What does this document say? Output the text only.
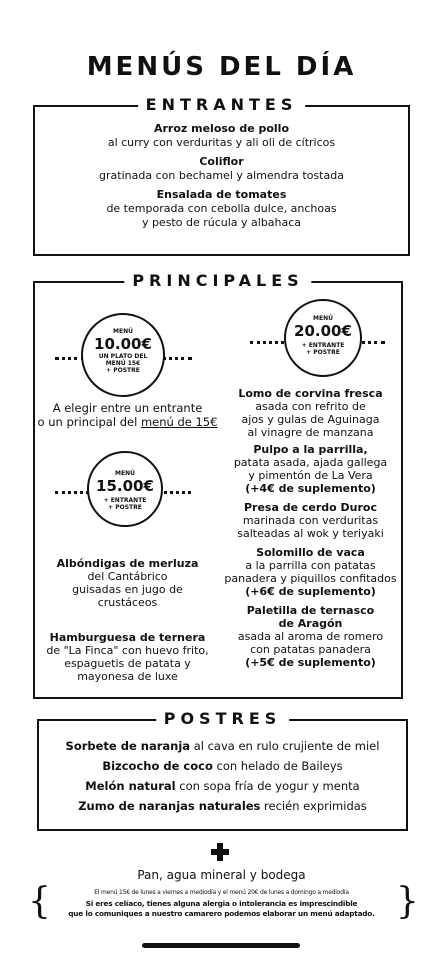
MENÚS DEL DÍA
ENTRANTES
Arroz meloso de pollo
al curry con verduritas y ali oli de cítricos
Coliflor
gratinada con bechamel y almendra tostada
Ensalada de tomates
de temporada con cebolla dulce, anchoas
y pesto de rúcula y albahaca
PRINCIPALES
MENÚ
10.00€
UN PLATO DEL
MENÚ 15€
+ POSTRE
MENÚ
20.00€
+ ENTRANTE
+ POSTRE
A elegir entre un entrante
o un principal del menú de 15€
MENÚ
15.00€
+ ENTRANTE
+ POSTRE
Albóndigas de merluza
del Cantábrico
guisadas en jugo de
crustáceos
Hamburguesa de ternera
de "La Finca" con huevo frito,
espaguetis de patata y
mayonesa de luxe
Lomo de corvina fresca
asada con refrito de
ajos y gulas de Aguinaga
al vinagre de manzana
Pulpo a la parrilla,
patata asada, ajada gallega
y pimentón de La Vera
(+4€ de suplemento)
Presa de cerdo Duroc
marinada con verduritas
salteadas al wok y teriyaki
Solomillo de vaca
a la parrilla con patatas
panadera y piquillos confitados
(+6€ de suplemento)
Paletilla de ternasco
de Aragón
asada al aroma de romero
con patatas panadera
(+5€ de suplemento)
POSTRES
Sorbete de naranja al cava en rulo crujiente de miel
Bizcocho de coco con helado de Baileys
Melón natural con sopa fría de yogur y menta
Zumo de naranjas naturales recién exprimidas
Pan, agua mineral y bodega
{	}
El menú 15€ de lunes a viernes a mediodía y el menú 20€ de lunes a domingo a mediodía
Si eres celíaco, tienes alguna alergia o intolerancia es imprescindible
que lo comuniques a nuestro camarero podemos elaborar un menú adaptado.
